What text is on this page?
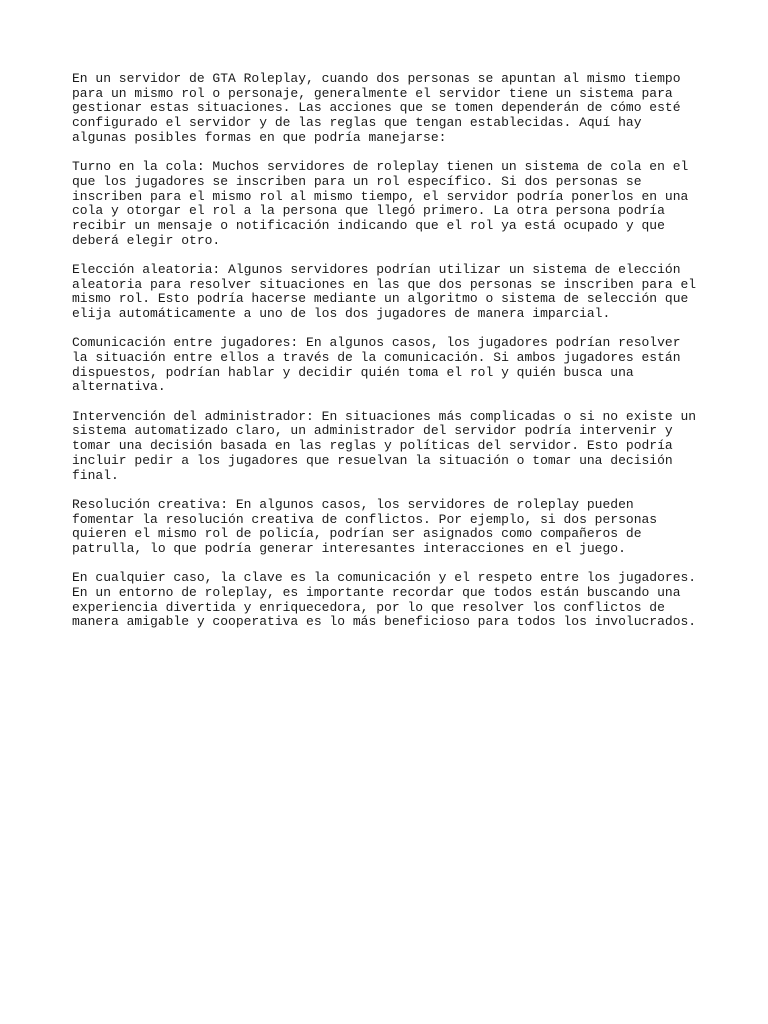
En un servidor de GTA Roleplay, cuando dos personas se apuntan al mismo tiempo para un mismo rol o personaje, generalmente el servidor tiene un sistema para gestionar estas situaciones. Las acciones que se tomen dependerán de cómo esté configurado el servidor y de las reglas que tengan establecidas. Aquí hay algunas posibles formas en que podría manejarse:

Turno en la cola: Muchos servidores de roleplay tienen un sistema de cola en el que los jugadores se inscriben para un rol específico. Si dos personas se inscriben para el mismo rol al mismo tiempo, el servidor podría ponerlos en una cola y otorgar el rol a la persona que llegó primero. La otra persona podría recibir un mensaje o notificación indicando que el rol ya está ocupado y que deberá elegir otro.

Elección aleatoria: Algunos servidores podrían utilizar un sistema de elección aleatoria para resolver situaciones en las que dos personas se inscriben para el mismo rol. Esto podría hacerse mediante un algoritmo o sistema de selección que elija automáticamente a uno de los dos jugadores de manera imparcial.

Comunicación entre jugadores: En algunos casos, los jugadores podrían resolver la situación entre ellos a través de la comunicación. Si ambos jugadores están dispuestos, podrían hablar y decidir quién toma el rol y quién busca una alternativa.

Intervención del administrador: En situaciones más complicadas o si no existe un sistema automatizado claro, un administrador del servidor podría intervenir y tomar una decisión basada en las reglas y políticas del servidor. Esto podría incluir pedir a los jugadores que resuelvan la situación o tomar una decisión final.

Resolución creativa: En algunos casos, los servidores de roleplay pueden fomentar la resolución creativa de conflictos. Por ejemplo, si dos personas quieren el mismo rol de policía, podrían ser asignados como compañeros de patrulla, lo que podría generar interesantes interacciones en el juego.

En cualquier caso, la clave es la comunicación y el respeto entre los jugadores. En un entorno de roleplay, es importante recordar que todos están buscando una experiencia divertida y enriquecedora, por lo que resolver los conflictos de manera amigable y cooperativa es lo más beneficioso para todos los involucrados.
